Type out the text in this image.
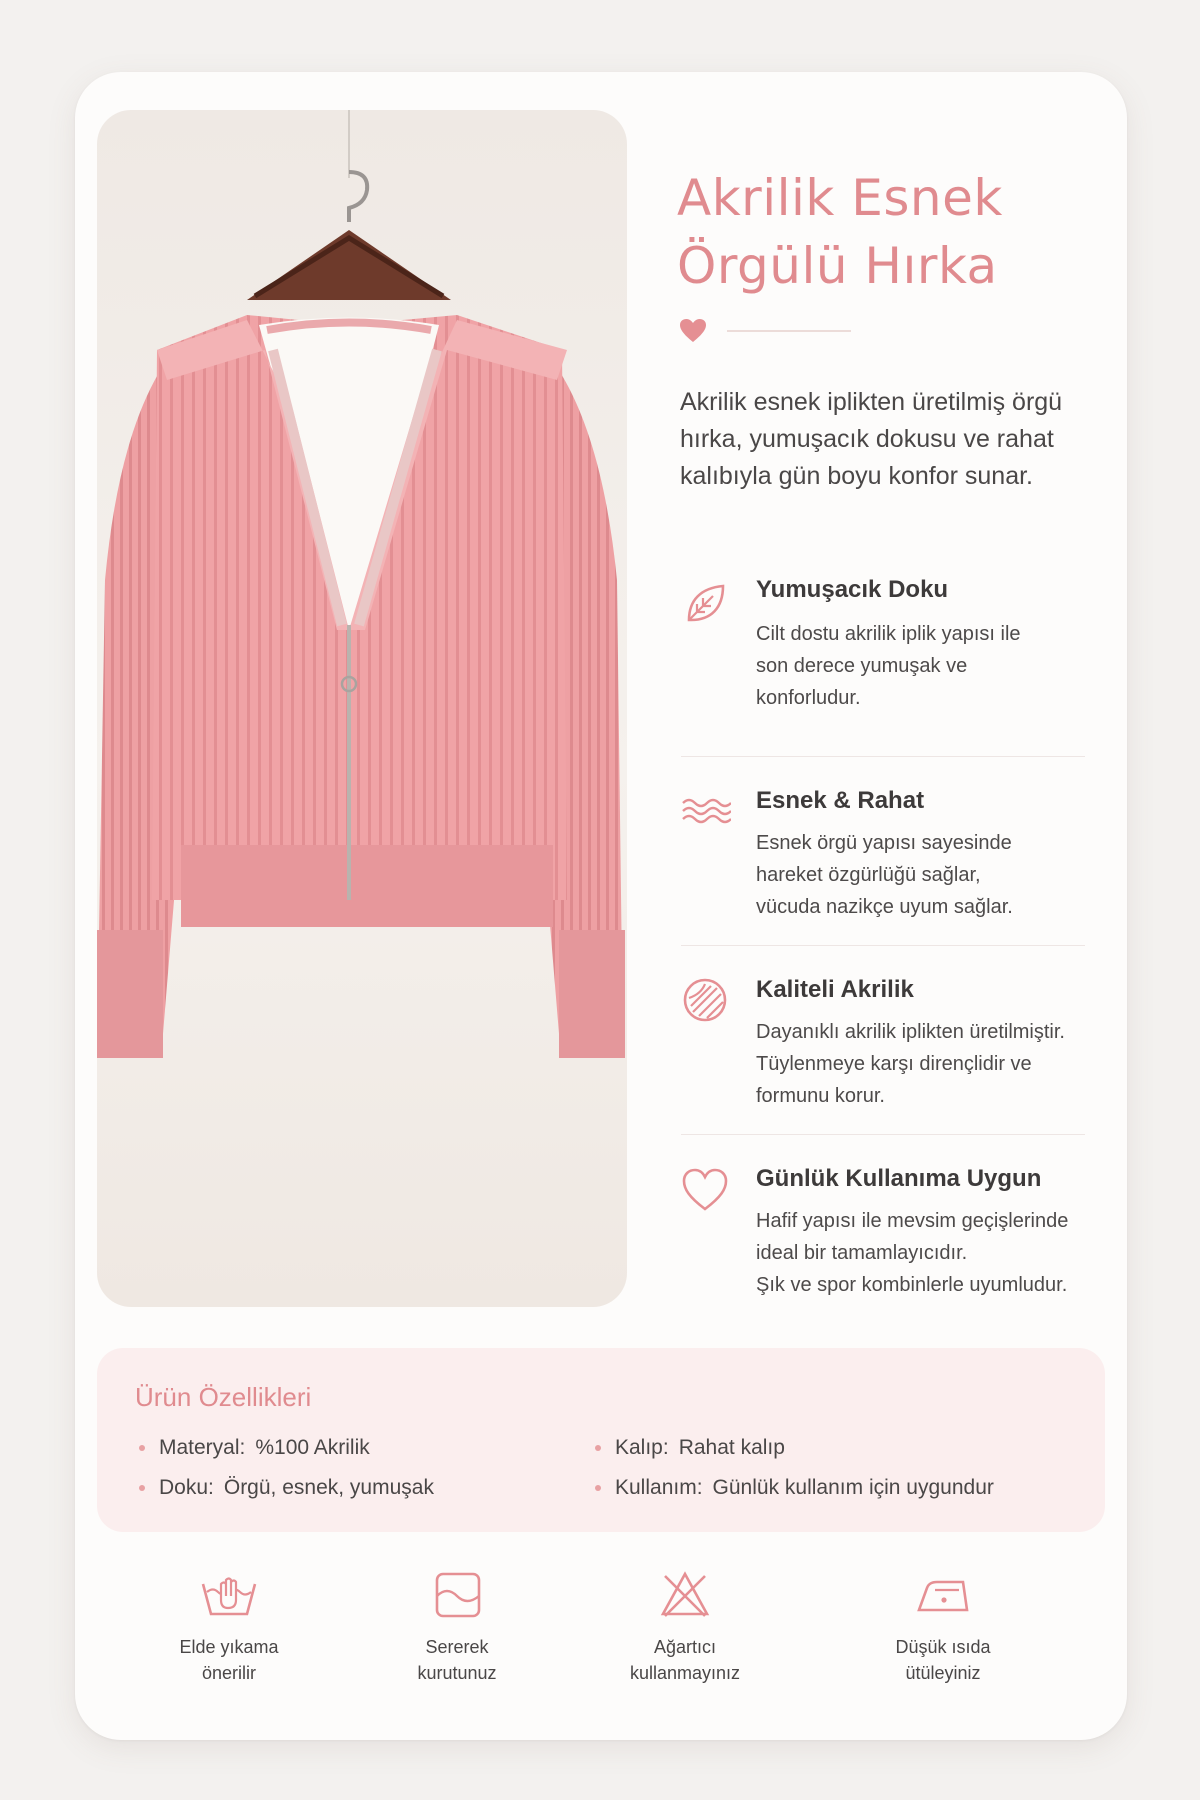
Akrilik Esnek
Örgülü Hırka

Akrilik esnek iplikten üretilmiş örgü hırka, yumuşacık dokusu ve rahat kalıbıyla gün boyu konfor sunar.

Yumuşacık Doku
Cilt dostu akrilik iplik yapısı ile
son derece yumuşak ve
konforludur.
Esnek & Rahat
Esnek örgü yapısı sayesinde
hareket özgürlüğü sağlar,
vücuda nazikçe uyum sağlar.
Kaliteli Akrilik
Dayanıklı akrilik iplikten üretilmiştir.
Tüylenmeye karşı dirençlidir ve
formunu korur.
Günlük Kullanıma Uygun
Hafif yapısı ile mevsim geçişlerinde
ideal bir tamamlayıcıdır.
Şık ve spor kombinlerle uyumludur.
Ürün Özellikleri
Materyal: %100 Akrilik	Kalıp: Rahat kalıp
Doku: Örgü, esnek, yumuşak	Kullanım: Günlük kullanım için uygundur
Elde yıkama
önerilir
Sererek
kurutunuz
Ağartıcı
kullanmayınız
Düşük ısıda
ütüleyiniz
